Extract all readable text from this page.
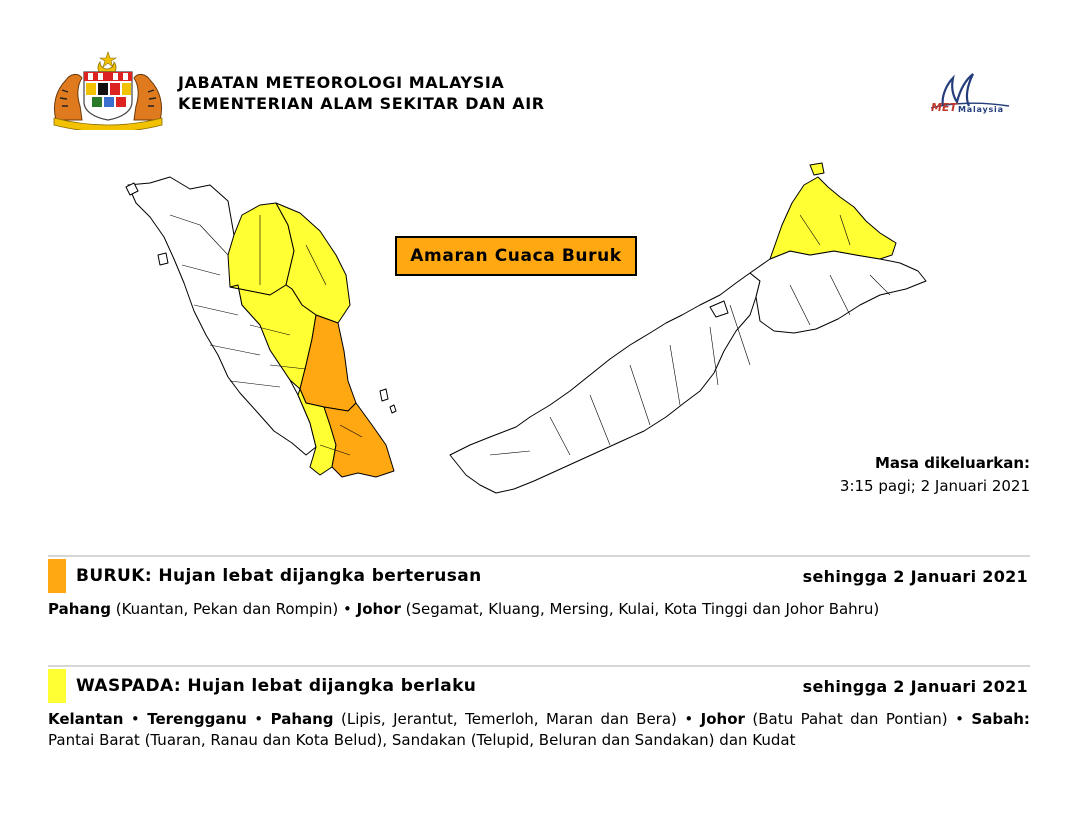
JABATAN METEOROLOGI MALAYSIA
KEMENTERIAN ALAM SEKITAR DAN AIR	MET Malaysia
Amaran Cuaca Buruk
Masa dikeluarkan:
3:15 pagi; 2 Januari 2021
BURUK: Hujan lebat dijangka berterusan	sehingga 2 Januari 2021
Pahang (Kuantan, Pekan dan Rompin) • Johor (Segamat, Kluang, Mersing, Kulai, Kota Tinggi dan Johor Bahru)
WASPADA: Hujan lebat dijangka berlaku	sehingga 2 Januari 2021
Kelantan • Terengganu • Pahang (Lipis, Jerantut, Temerloh, Maran dan Bera) • Johor (Batu Pahat dan Pontian) • Sabah: Pantai Barat (Tuaran, Ranau dan Kota Belud), Sandakan (Telupid, Beluran dan Sandakan) dan Kudat
